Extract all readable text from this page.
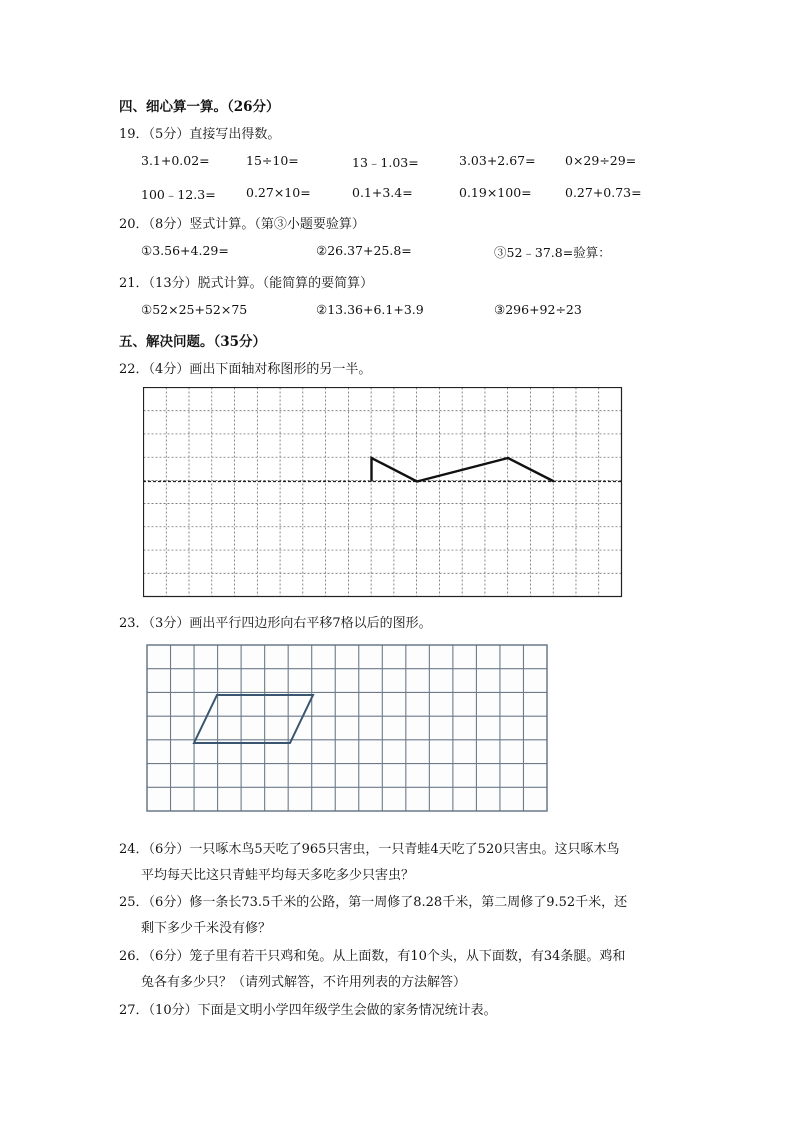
四、细心算一算。（26分）
19．（5分）直接写出得数。
3.1+0.02=	15÷10=	13﹣1.03=	3.03+2.67= 0×29÷29=
100﹣12.3= 0.27×10=	0.1+3.4=	0.19×100=	0.27+0.73=
20．（8分）竖式计算。（第③小题要验算）
①3.56+4.29=	②26.37+25.8=	③52﹣37.8=验算：
21．（13分）脱式计算。（能简算的要简算）
①52×25+52×75	②13.36+6.1+3.9	③296+92÷23
五、解决问题。（35分）
22．（4分）画出下面轴对称图形的另一半。
23．（3分）画出平行四边形向右平移7格以后的图形。
24．（6分）一只啄木鸟5天吃了965只害虫，一只青蛙4天吃了520只害虫。这只啄木鸟
平均每天比这只青蛙平均每天多吃多少只害虫？
25．（6分）修一条长73.5千米的公路，第一周修了8.28千米，第二周修了9.52千米，还
剩下多少千米没有修？
26．（6分）笼子里有若干只鸡和兔。从上面数，有10个头，从下面数，有34条腿。鸡和
兔各有多少只？（请列式解答，不许用列表的方法解答）
27．（10分）下面是文明小学四年级学生会做的家务情况统计表。
